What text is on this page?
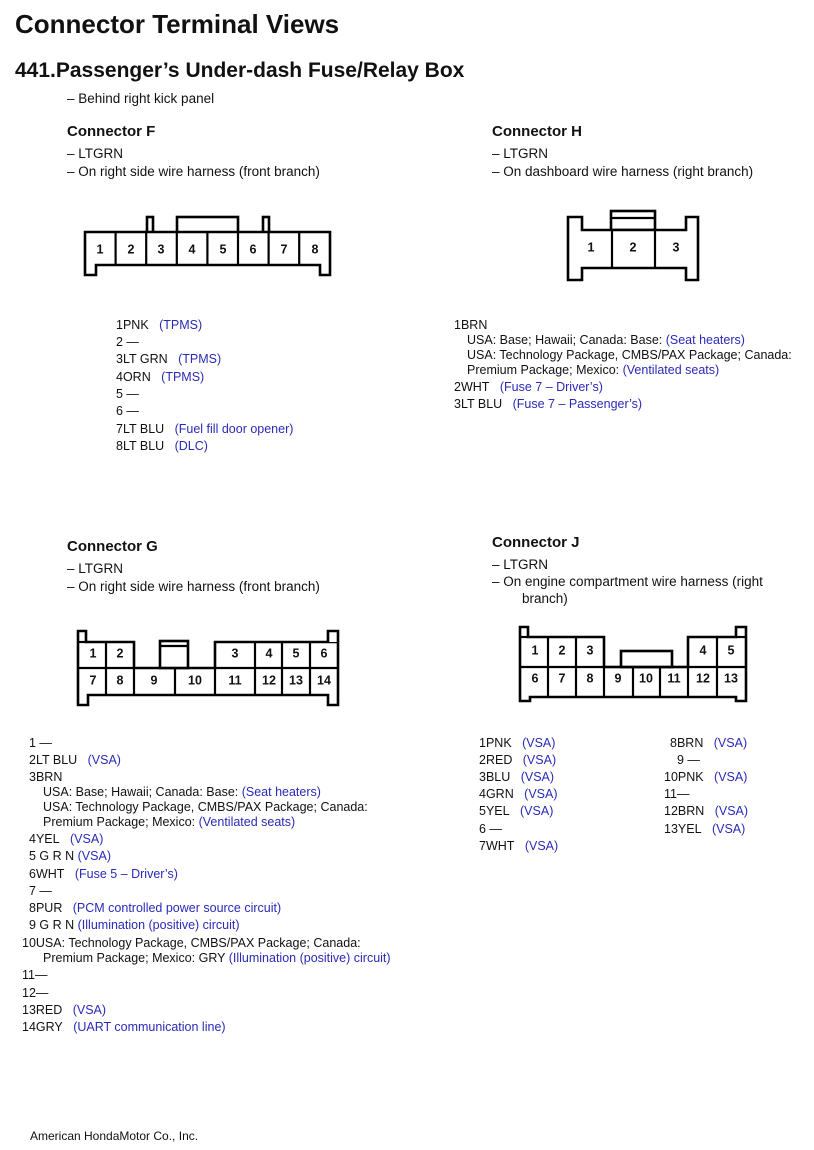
Connector Terminal Views
441.Passenger’s Under-dash Fuse/Relay Box
– Behind right kick panel
Connector F
– LTGRN
– On right side wire harness (front branch)
1 2 3 4 5 6 7 8
1PNK (TPMS)
2 —
3LT GRN (TPMS)
4ORN (TPMS)
5 —
6 —
7LT BLU (Fuel fill door opener)
8LT BLU (DLC)
Connector H
– LTGRN
– On dashboard wire harness (right branch)
1	2	3
1BRN
USA: Base; Hawaii; Canada: Base: (Seat heaters)
USA: Technology Package, CMBS/PAX Package; Canada:
Premium Package; Mexico: (Ventilated seats)
2WHT (Fuse 7 – Driver’s)
3LT BLU (Fuse 7 – Passenger’s)
Connector G
– LTGRN
– On right side wire harness (front branch)
1 2	3 4 5 6
7 8 9 10 11 12 13 14
1 —
2LT BLU (VSA)
3BRN
USA: Base; Hawaii; Canada: Base: (Seat heaters)
USA: Technology Package, CMBS/PAX Package; Canada:
Premium Package; Mexico: (Ventilated seats)
4YEL (VSA)
5 G R N (VSA)
6WHT (Fuse 5 – Driver’s)
7 —
8PUR (PCM controlled power source circuit)
9 G R N (Illumination (positive) circuit)
10USA: Technology Package, CMBS/PAX Package; Canada:
Premium Package; Mexico: GRY (Illumination (positive) circuit)
11—
12—
13RED (VSA)
14GRY (UART communication line)
Connector J
– LTGRN
– On engine compartment wire harness (right
branch)
1 2 3	4 5
6 7 8 9 10 11 12 13
1PNK (VSA)
2RED (VSA)
3BLU (VSA)
4GRN (VSA)
5YEL (VSA)
6 —
7WHT (VSA)
8BRN (VSA)
9 —
10PNK (VSA)
11—
12BRN (VSA)
13YEL (VSA)
American HondaMotor Co., Inc.
